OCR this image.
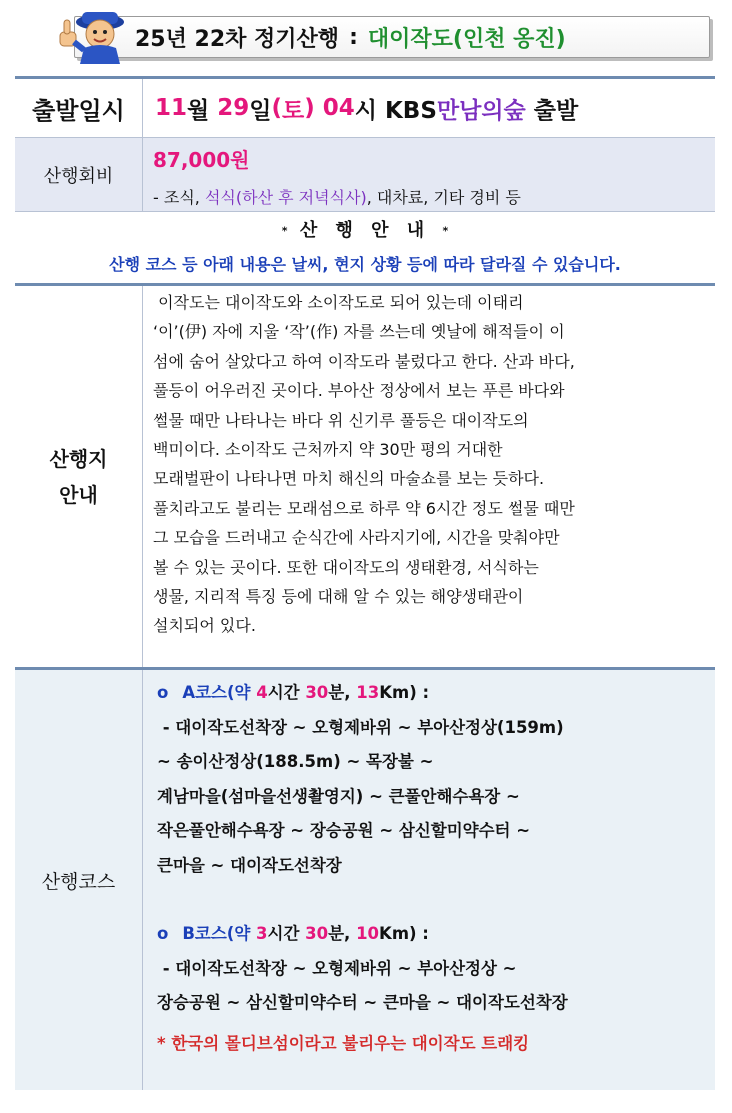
25년 22차 정기산행 : 대이작도(인천 옹진)
출발일시	11 월 29 일 ( 토 ) 04 시 KBS 만남의숲 출발
산행회비
87,000원
- 조식, 석식(하산 후 저녁식사), 대차료, 기타 경비 등
* 산 행 안 내 *
산행 코스 등 아래 내용은 날씨, 현지 상황 등에 따라 달라질 수 있습니다.
산행지
안내

이작도는 대이작도와 소이작도로 되어 있는데 이태리

‘이’(伊) 자에 지울 ‘작’(作) 자를 쓰는데 옛날에 해적들이 이

섬에 숨어 살았다고 하여 이작도라 불렀다고 한다. 산과 바다,

풀등이 어우러진 곳이다. 부아산 정상에서 보는 푸른 바다와

썰물 때만 나타나는 바다 위 신기루 풀등은 대이작도의

백미이다. 소이작도 근처까지 약 30만 평의 거대한

모래벌판이 나타나면 마치 해신의 마술쇼를 보는 듯하다.

풀치라고도 불리는 모래섬으로 하루 약 6시간 정도 썰물 때만

그 모습을 드러내고 순식간에 사라지기에, 시간을 맞춰야만

볼 수 있는 곳이다. 또한 대이작도의 생태환경, 서식하는

생물, 지리적 특징 등에 대해 알 수 있는 해양생태관이

설치되어 있다.

산행코스

o A코스(약 4시간 30분, 13Km) :

- 대이작도선착장 ~ 오형제바위 ~ 부아산정상(159m)

~ 송이산정상(188.5m) ~ 목장불 ~

계남마을(섬마을선생촬영지) ~ 큰풀안해수욕장 ~

작은풀안해수욕장 ~ 장승공원 ~ 삼신할미약수터 ~

큰마을 ~ 대이작도선착장

o B코스(약 3시간 30분, 10Km) :

- 대이작도선착장 ~ 오형제바위 ~ 부아산정상 ~

장승공원 ~ 삼신할미약수터 ~ 큰마을 ~ 대이작도선착장

* 한국의 몰디브섬이라고 불리우는 대이작도 트래킹
